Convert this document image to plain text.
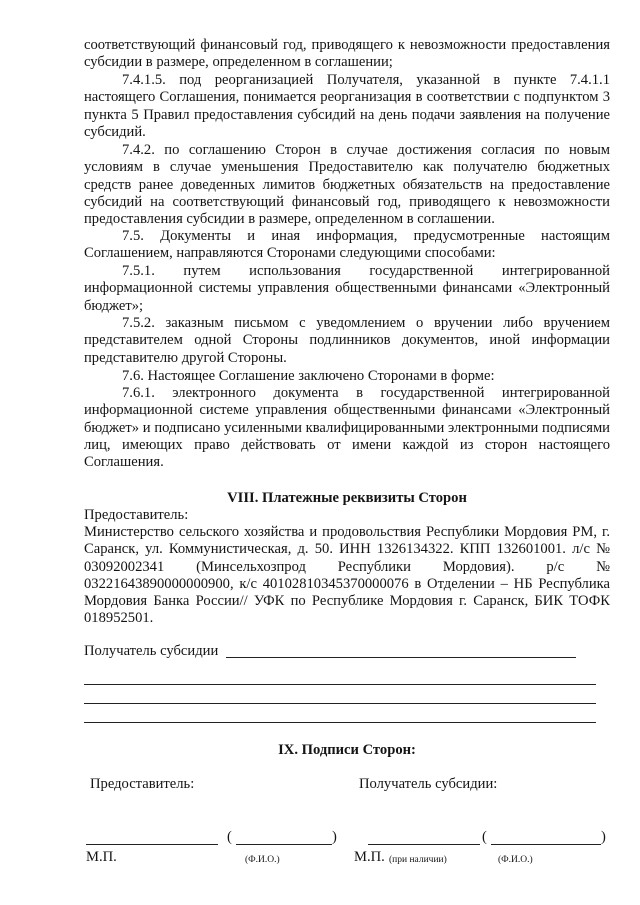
соответствующий финансовый год, приводящего к невозможности предоставления субсидии в размере, определенном в соглашении;

7.4.1.5. под реорганизацией Получателя, указанной в пункте 7.4.1.1 настоящего Соглашения, понимается реорганизация в соответствии с подпунктом 3 пункта 5 Правил предоставления субсидий на день подачи заявления на получение субсидий.

7.4.2. по соглашению Сторон в случае достижения согласия по новым условиям в случае уменьшения Предоставителю как получателю бюджетных средств ранее доведенных лимитов бюджетных обязательств на предоставление субсидий на соответствующий финансовый год, приводящего к невозможности предоставления субсидии в размере, определенном в соглашении.

7.5. Документы и иная информация, предусмотренные настоящим Соглашением, направляются Сторонами следующими способами:

7.5.1. путем использования государственной интегрированной информационной системы управления общественными финансами «Электронный бюджет»;

7.5.2. заказным письмом с уведомлением о вручении либо вручением представителем одной Стороны подлинников документов, иной информации представителю другой Стороны.

7.6. Настоящее Соглашение заключено Сторонами в форме:

7.6.1. электронного документа в государственной интегрированной информационной системе управления общественными финансами «Электронный бюджет» и подписано усиленными квалифицированными электронными подписями лиц, имеющих право действовать от имени каждой из сторон настоящего Соглашения.

VIII. Платежные реквизиты Сторон

Предоставитель:

Министерство сельского хозяйства и продовольствия Республики Мордовия РМ, г. Саранск, ул. Коммунистическая, д. 50. ИНН 1326134322. КПП 132601001. л/с № 03092002341 (Минсельхозпрод Республики Мордовия). р/с № 03221643890000000900, к/с 40102810345370000076 в Отделении – НБ Республика Мордовия Банка России// УФК по Республике Мордовия г. Саранск, БИК ТОФК 018952501.

Получатель субсидии

IX. Подписи Сторон:

Предоставитель:	Получатель субсидии:
(	)	(	)
М.П.	(Ф.И.О.)	М.П. (при наличии)	(Ф.И.О.)
